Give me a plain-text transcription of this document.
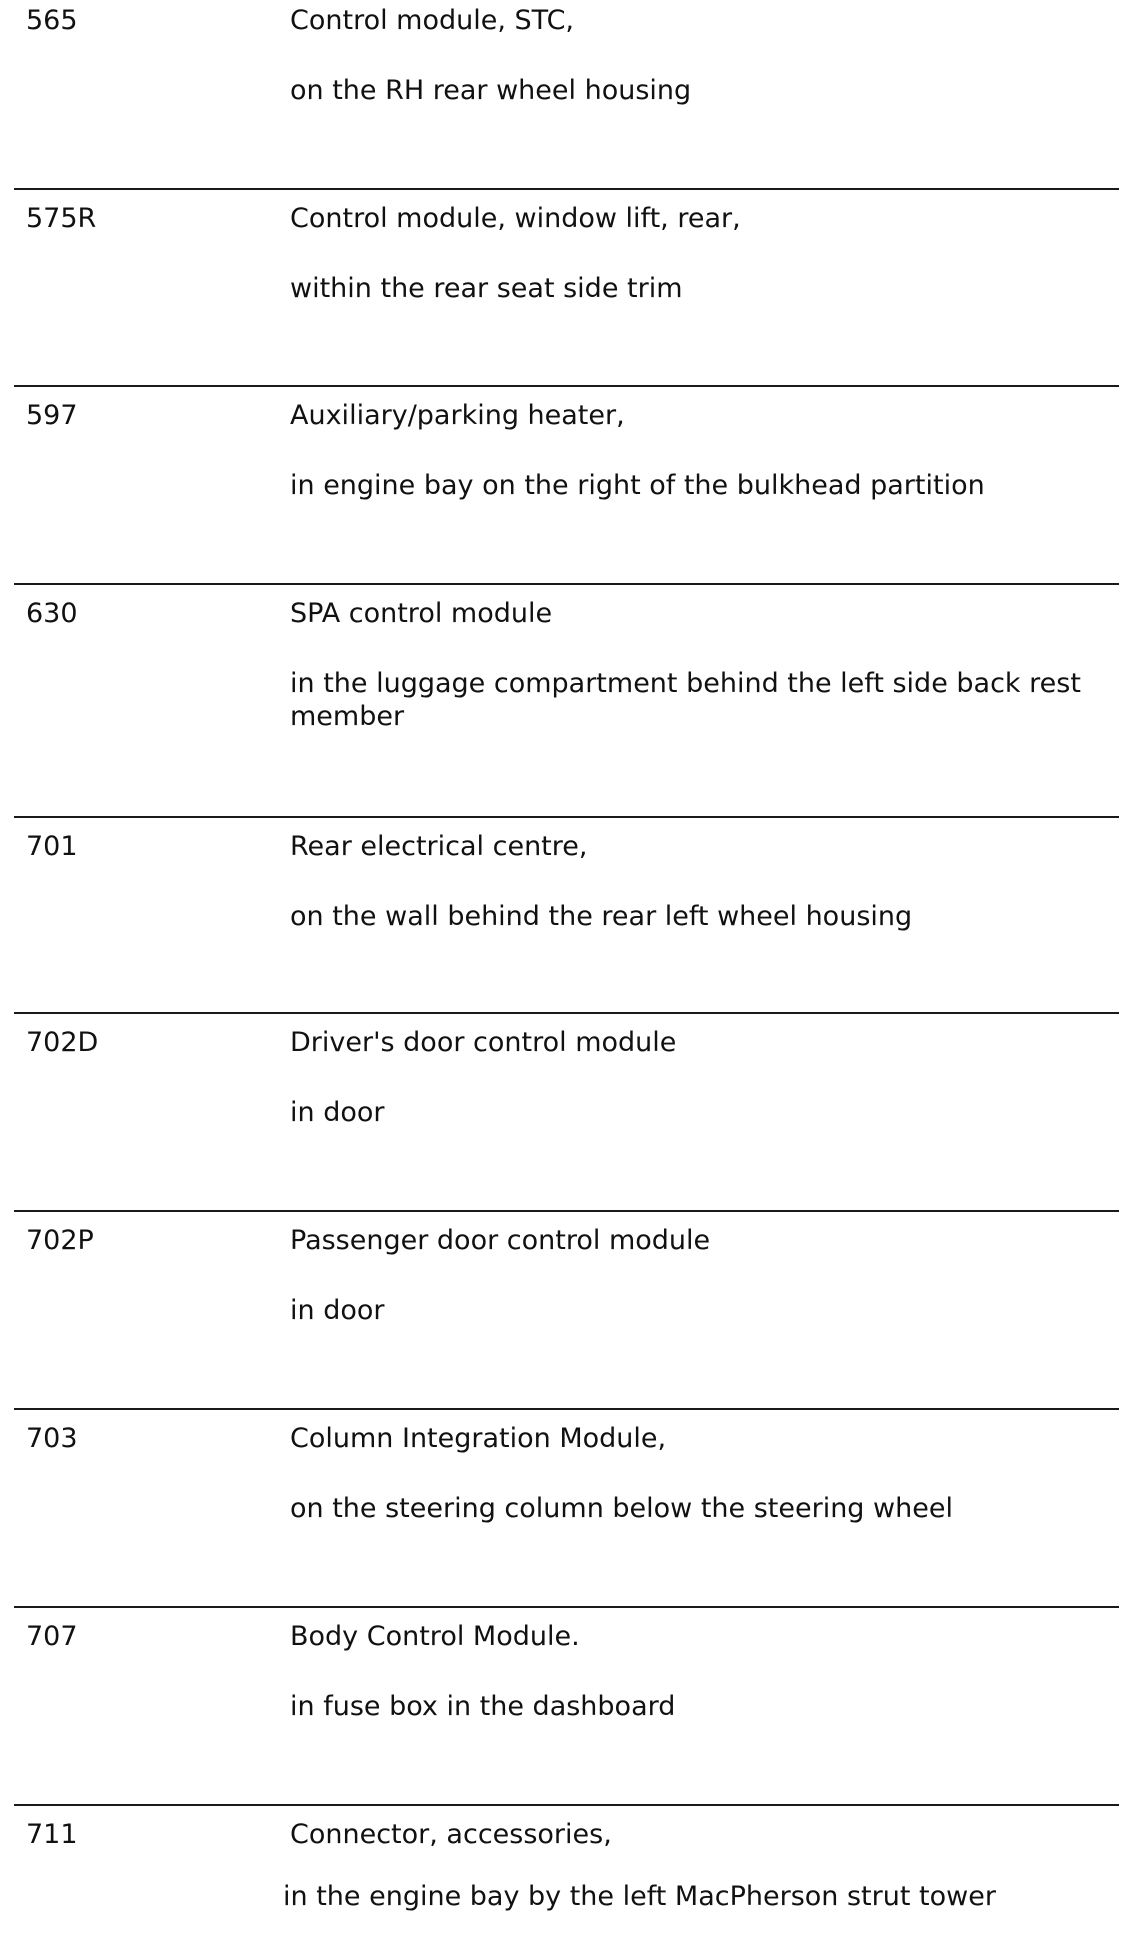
565	Control module, STC,
on the RH rear wheel housing
575R	Control module, window lift, rear,
within the rear seat side trim
597	Auxiliary/parking heater,
in engine bay on the right of the bulkhead partition
630	SPA control module
in the luggage compartment behind the left side back rest member
701	Rear electrical centre,
on the wall behind the rear left wheel housing
702D	Driver's door control module
in door
702P	Passenger door control module
in door
703	Column Integration Module,
on the steering column below the steering wheel
707	Body Control Module.
in fuse box in the dashboard
711	Connector, accessories,
in the engine bay by the left MacPherson strut tower
